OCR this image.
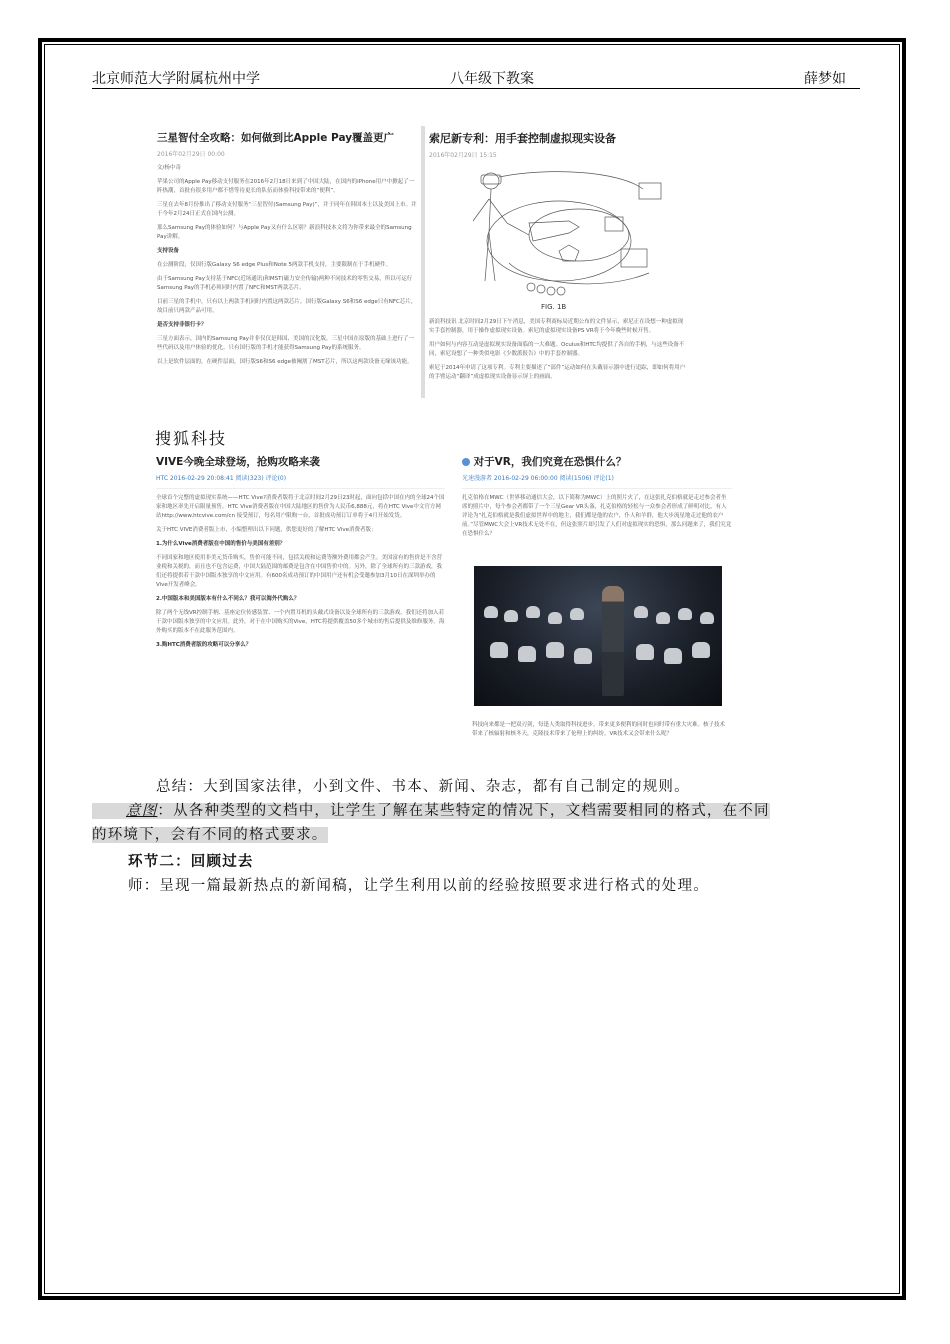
北京师范大学附属杭州中学	八年级下教案	薛梦如
三星智付全攻略：如何做到比Apple Pay覆盖更广
2016年02月29日 00:00
文/杨中奇
苹果公司的Apple Pay移动支付服务在2016年2月18日来到了中国大陆，在国内的iPhone用户中掀起了一阵热潮，首批有很多用户都不惜等待更长的队伍而体验科技带来的“便利”。
三星在去年8月份推出了移动支付服务“三星智付(Samsung Pay)”，并于同年在韩国本土以及美国上市。并于今年2月24日正式在国内公测。
那么Samsung Pay的体验如何？与Apple Pay又有什么区别？新浪科技本文将为你带来最全的Samsung Pay讲解。
支持设备
在公测阶段，仅国行版Galaxy S6 edge Plus和Note 5两款手机支持，主要限制在于手机硬件。
由于Samsung Pay支持基于NFC(近场通讯)和MST(磁力安全传输)两种不同技术的零售交易，所以可运行Samsung Pay的手机必须同时内置了NFC和MST两款芯片。
目前三星的手机中，只有以上两款手机同时内置这两款芯片，国行版Galaxy S6和S6 edge只有NFC芯片，故目前只两款产品可用。
是否支持非银行卡？
三星方面表示，国内的Samsung Pay并非仅仅是韩国、美国的汉化版，三星中国在原版的基础上进行了一些代码以及用户体验的优化。只有国行版的手机才能获得Samsung Pay的系统服务。
以上是软件层面的，在硬件层面，国行版S6和S6 edge被阉割了MST芯片，所以这两款设备无缘该功能。
索尼新专利：用手套控制虚拟现实设备
2016年02月29日 15:15
FIG. 1B
新浪科技讯 北京时间2月29日下午消息，美国专利商标局近期公布的文件显示，索尼正在设想一种虚拟现实手套控制器，用于操作虚拟现实设备。索尼的虚拟现实设备PS VR将于今年晚些时候开售。
用户如何与内容互动是虚拟现实设备面临的一大难题。Oculus和HTC均提供了各自的手柄，与这些设备不同，索尼设想了一种类似电影《少数派报告》中的手套控制器。
索尼于2014年申请了这项专利。专利主要描述了“部件”运动如何在头戴显示器中进行追踪，即如何将用户的手臂运动“翻译”成虚拟现实设备显示屏上的画面。
搜狐科技
VIVE今晚全球登场，抢购攻略来袭
HTC 2016-02-29 20:08:41 阅读(323) 评论(0)
全球首个完整的虚拟现实系统——HTC Vive?消费者版将于北京时间2月29日23时起，面向包括中国在内的全球24个国家和地区率先开启限量预售。HTC Vive消费者版在中国大陆地区的售价为人民币6,888元，将在HTC Vive中文官方网站http://www.htcvive.com/cn 接受预订，每名用户限购一台，首批成功预订订单将于4月开始发货。
关于HTC VIVE消费者版上市，小编整理出以下问题，供您更好的了解HTC Vive消费者版：
1.为什么Vive消费者版在中国的售价与美国有差别？
不同国家和地区使用非美元货币购买，售价可能不同，包括关税和运费等额外费用都会产生。美国富有的售价是不含营业税和关税的，而且也不包含运费，中国大陆范围的邮费是包含在中国售价中的。另外，除了全球所有的三款游戏，我们还将提供若干款中国版本独享的中文应用。有600名成功预订的中国用户还有机会受邀参加3月10日在深圳举办的Vive开发者峰会。
2.中国版本和美国版本有什么不同么？我可以海外代购么？
除了两个无线VR控制手柄、基座定位传感装置、一个内置耳机的头戴式设备以及全球所有的三款游戏，我们还将加入若干款中国版本独享的中文应用。此外，对于在中国购买的Vive，HTC将提供覆盖50多个城市的售后提供及维修服务。海外购买的版本不在此服务范围内。
3.购HTC消费者版的攻略可以分享么？
对于VR，我们究竟在恐惧什么？
光速漫游者 2016-02-29 06:00:00 阅读(1506) 评论(1)
扎克伯格在MWC（世界移动通信大会，以下简称为MWC）上的照片火了，在这张扎克伯格就是走过参会者坐席的照片中，每个参会者都带了一个三星Gear VR头盔，扎克伯格的轻松与一众参会者形成了鲜明对比，有人评论为“扎克伯格就是我们虚拟世界中的地主，我们都是他的农户，仆人和羊群，他大步流星地走过他的农户前。”尽管MWC大会上VR技术无处不在，但这张照片却引发了人们对虚拟现实的恐惧，那么问题来了，我们究竟在恐惧什么？
科技向来都是一把双刃剑，每逢人类取得科技进步，带来更多便利的同时也同时带有重大灾难。核子技术带来了核辐射和核冬天，克隆技术带来了伦理上的纠纷，VR技术又会带来什么呢？
总结：大到国家法律，小到文件、书本、新闻、杂志，都有自己制定的规则。
意图：从各种类型的文档中，让学生了解在某些特定的情况下，文档需要相同的格式，在不同
的环境下，会有不同的格式要求。
环节二：回顾过去
师：呈现一篇最新热点的新闻稿，让学生利用以前的经验按照要求进行格式的处理。
